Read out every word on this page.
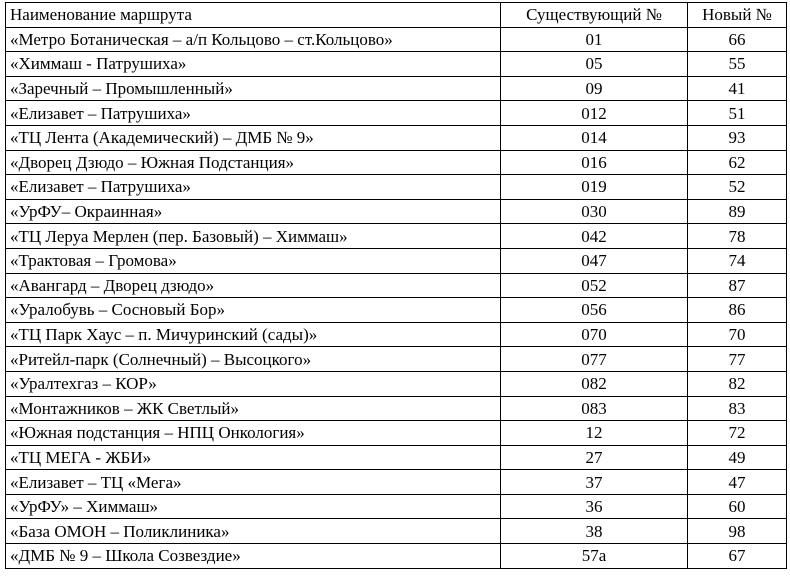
Наименование маршрута	Существующий №	Новый №
«Метро Ботаническая – а/п Кольцово – ст.Кольцово»	01	66
«Химмаш - Патрушиха»	05	55
«Заречный – Промышленный»	09	41
«Елизавет – Патрушиха»	012	51
«ТЦ Лента (Академический) – ДМБ № 9»	014	93
«Дворец Дзюдо – Южная Подстанция»	016	62
«Елизавет – Патрушиха»	019	52
«УрФУ– Окраинная»	030	89
«ТЦ Леруа Мерлен (пер. Базовый) – Химмаш»	042	78
«Трактовая – Громова»	047	74
«Авангард – Дворец дзюдо»	052	87
«Уралобувь – Сосновый Бор»	056	86
«ТЦ Парк Хаус – п. Мичуринский (сады)»	070	70
«Ритейл-парк (Солнечный) – Высоцкого»	077	77
«Уралтехгаз – КОР»	082	82
«Монтажников – ЖК Светлый»	083	83
«Южная подстанция – НПЦ Онкология»	12	72
«ТЦ МЕГА - ЖБИ»	27	49
«Елизавет – ТЦ «Мега»	37	47
«УрФУ» – Химмаш»	36	60
«База ОМОН – Поликлиника»	38	98
«ДМБ № 9 – Школа Созвездие»	57а	67
